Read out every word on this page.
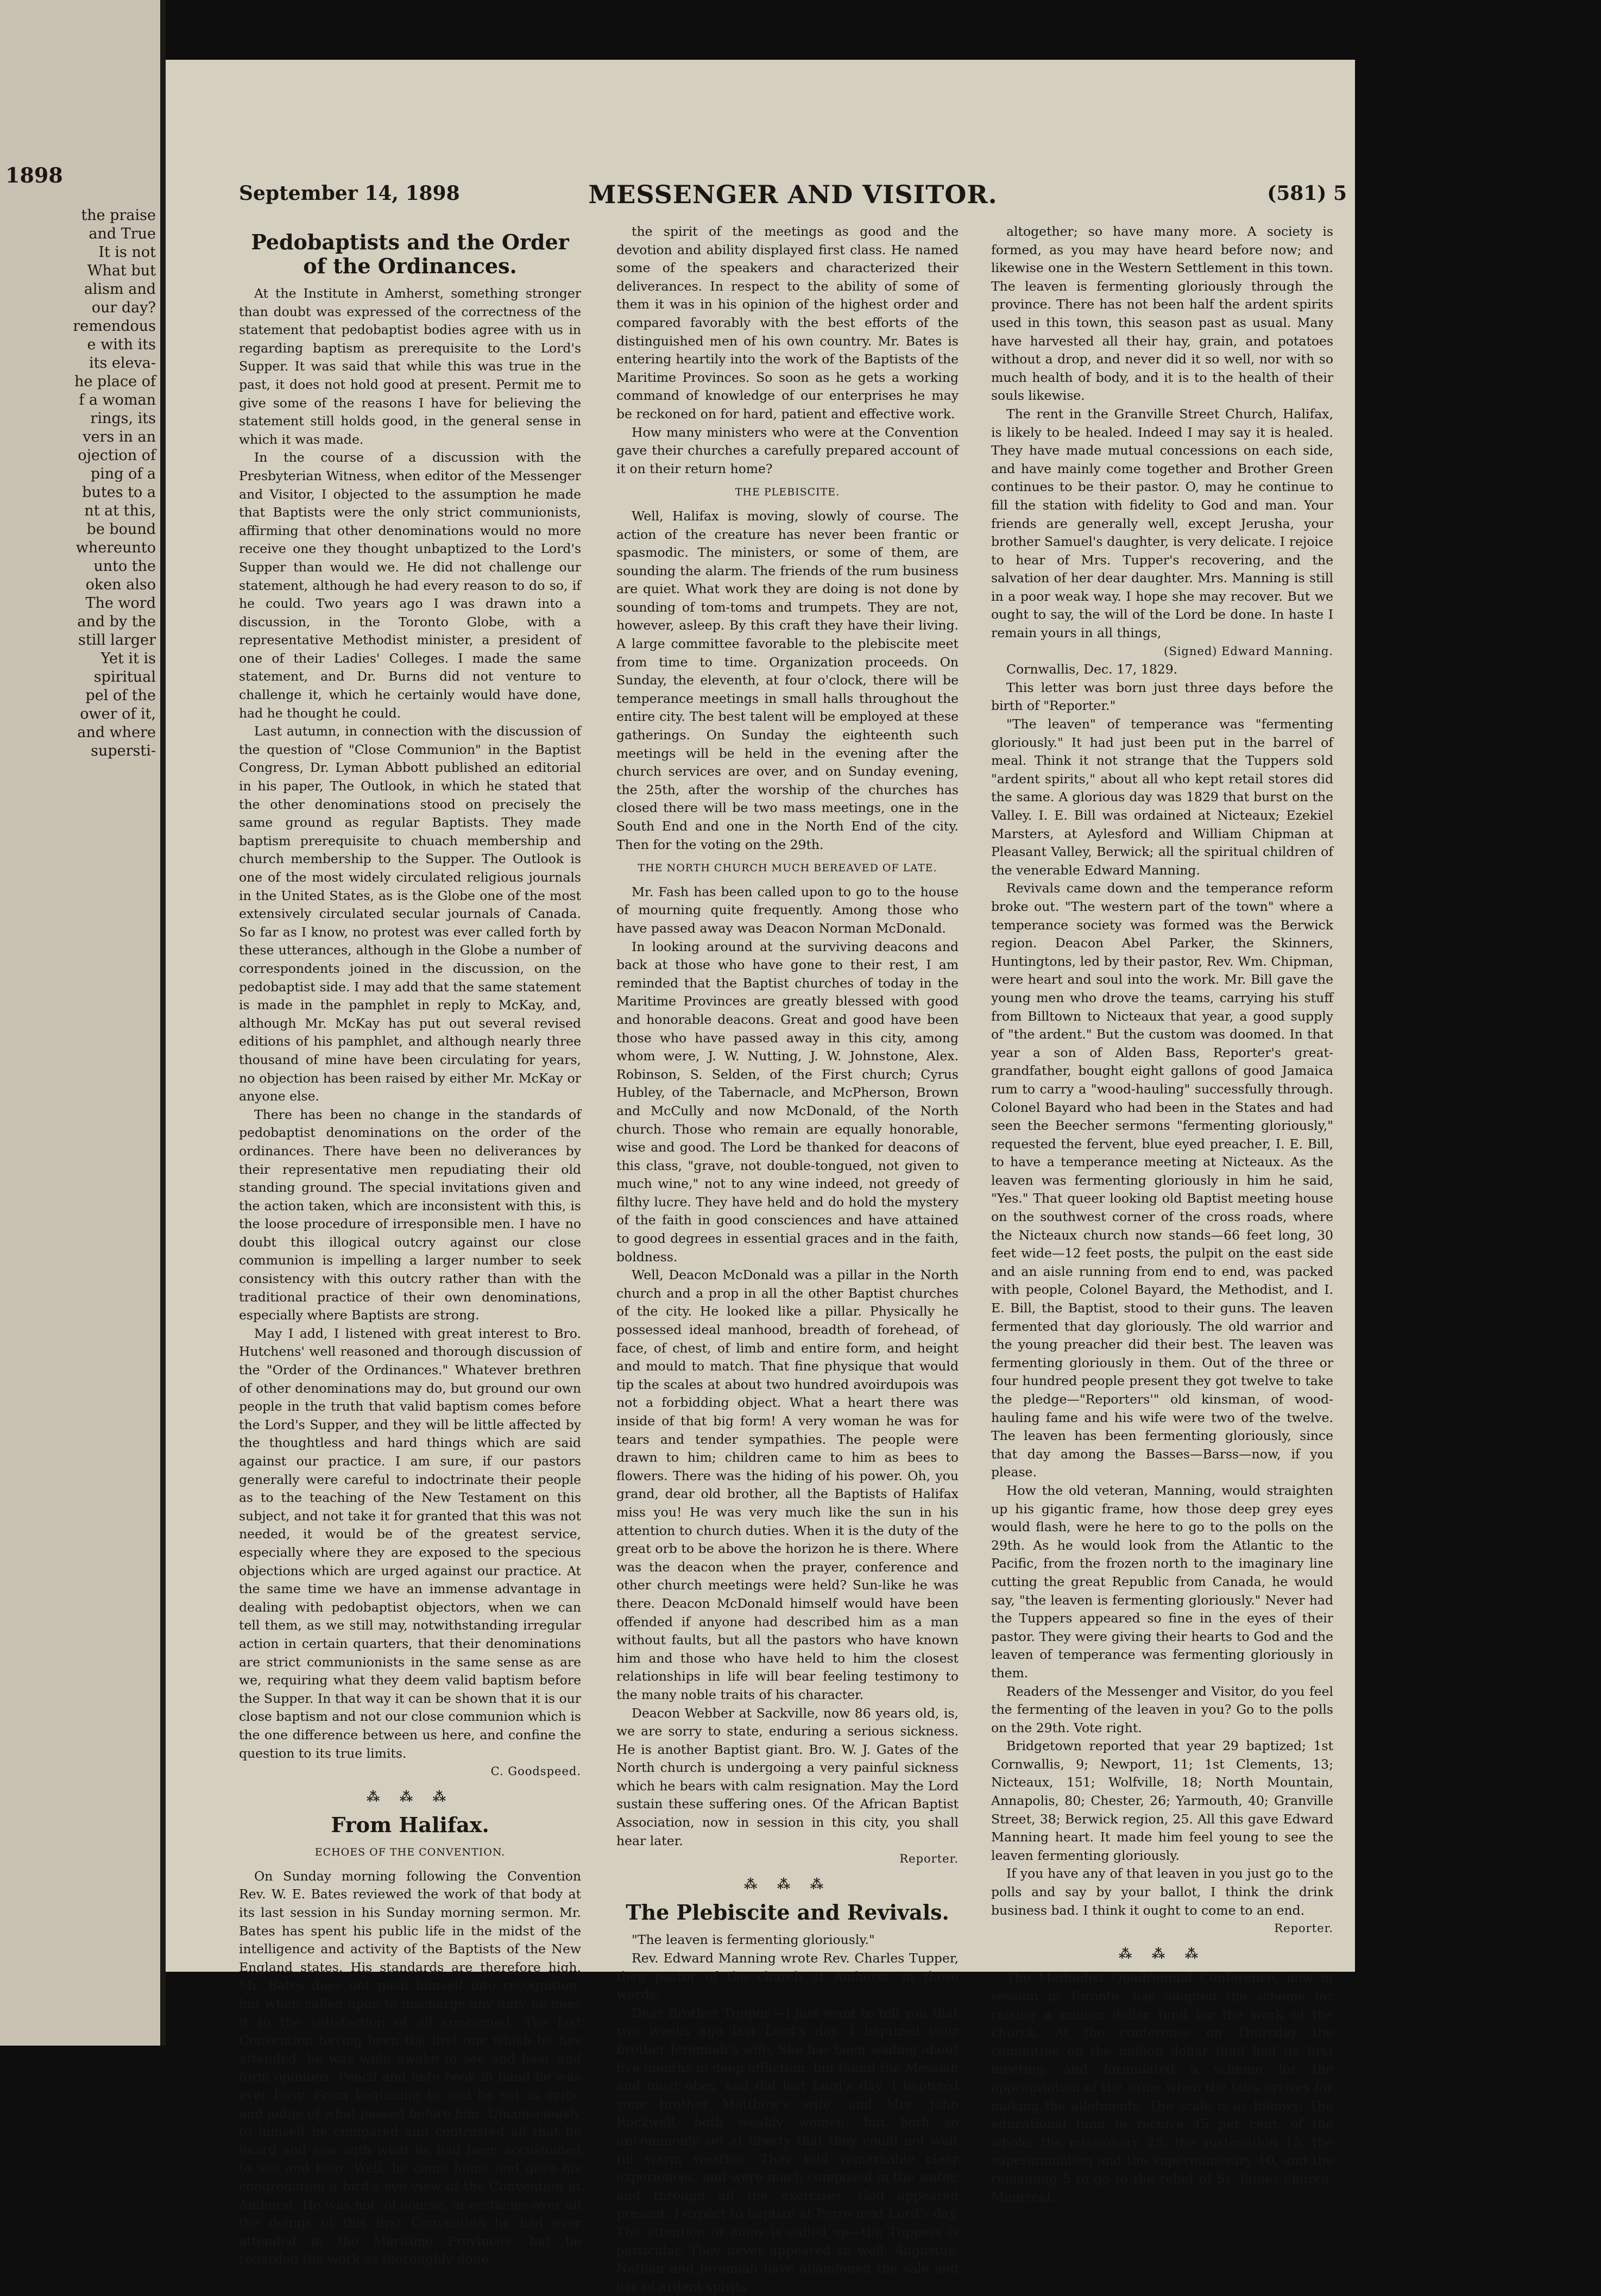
1898
the praise
and True
It is not
What but
alism and
our day?
remendous
e with its
its eleva-
he place of
f a woman
rings, its
vers in an
ojection of
ping of a
butes to a
nt at this,
be bound
whereunto
unto the
oken also
The word
and by the
still larger
Yet it is
spiritual
pel of the
ower of it,
and where
supersti-
September 14, 1898	MESSENGER AND VISITOR.	(581) 5
Pedobaptists and the Order of the Ordinances.

At the Institute in Amherst, something stronger than doubt was expressed of the correctness of the statement that pedobaptist bodies agree with us in regarding baptism as prerequisite to the Lord's Supper. It was said that while this was true in the past, it does not hold good at present. Permit me to give some of the reasons I have for believing the statement still holds good, in the general sense in which it was made.

In the course of a discussion with the Presbyterian Witness, when editor of the Messenger and Visitor, I objected to the assumption he made that Baptists were the only strict communionists, affirming that other denominations would no more receive one they thought unbaptized to the Lord's Supper than would we. He did not challenge our statement, although he had every reason to do so, if he could. Two years ago I was drawn into a discussion, in the Toronto Globe, with a representative Methodist minister, a president of one of their Ladies' Colleges. I made the same statement, and Dr. Burns did not venture to challenge it, which he certainly would have done, had he thought he could.

Last autumn, in connection with the discussion of the question of "Close Communion" in the Baptist Congress, Dr. Lyman Abbott published an editorial in his paper, The Outlook, in which he stated that the other denominations stood on precisely the same ground as regular Baptists. They made baptism prerequisite to chuach membership and church membership to the Supper. The Outlook is one of the most widely circulated religious journals in the United States, as is the Globe one of the most extensively circulated secular journals of Canada. So far as I know, no protest was ever called forth by these utterances, although in the Globe a number of correspondents joined in the discussion, on the pedobaptist side. I may add that the same statement is made in the pamphlet in reply to McKay, and, although Mr. McKay has put out several revised editions of his pamphlet, and although nearly three thousand of mine have been circulating for years, no objection has been raised by either Mr. McKay or anyone else.

There has been no change in the standards of pedobaptist denominations on the order of the ordinances. There have been no deliverances by their representative men repudiating their old standing ground. The special invitations given and the action taken, which are inconsistent with this, is the loose procedure of irresponsible men. I have no doubt this illogical outcry against our close communion is impelling a larger number to seek consistency with this outcry rather than with the traditional practice of their own denominations, especially where Baptists are strong.

May I add, I listened with great interest to Bro. Hutchens' well reasoned and thorough discussion of the "Order of the Ordinances." Whatever brethren of other denominations may do, but ground our own people in the truth that valid baptism comes before the Lord's Supper, and they will be little affected by the thoughtless and hard things which are said against our practice. I am sure, if our pastors generally were careful to indoctrinate their people as to the teaching of the New Testament on this subject, and not take it for granted that this was not needed, it would be of the greatest service, especially where they are exposed to the specious objections which are urged against our practice. At the same time we have an immense advantage in dealing with pedobaptist objectors, when we can tell them, as we still may, notwithstanding irregular action in certain quarters, that their denominations are strict communionists in the same sense as are we, requiring what they deem valid baptism before the Supper. In that way it can be shown that it is our close baptism and not our close communion which is the one difference between us here, and confine the question to its true limits.

C. Goodspeed.
⁂ ⁂ ⁂
From Halifax.
ECHOES OF THE CONVENTION.

On Sunday morning following the Convention Rev. W. E. Bates reviewed the work of that body at its last session in his Sunday morning sermon. Mr. Bates has spent his public life in the midst of the intelligence and activity of the Baptists of the New England states. His standards are therefore high. Mr. Bates does not push himself into recognition, but when called upon to discharge any duty he does it to the satisfaction of all concerned. The last Convention having been the first one which he has attended, he was wide awake to see and hear and form opinions. Pencil and note book in hand he was ever busy. From beginning to end he sat as critic and judge of what passed before him. Unconsciously to himself he compared and contrasted all that he heard and saw with what he had been accustomed to see and hear. Well, he came home and gave his congregation a bird's eye view of the Convention at Amherst. He was not, of course, in ecstacies over all the doings of this first Convention he had ever attended in the Maritime Provinces, but he regarded the work as thoroughly done,

the spirit of the meetings as good and the devotion and ability displayed first class. He named some of the speakers and characterized their deliverances. In respect to the ability of some of them it was in his opinion of the highest order and compared favorably with the best efforts of the distinguished men of his own country. Mr. Bates is entering heartily into the work of the Baptists of the Maritime Provinces. So soon as he gets a working command of knowledge of our enterprises he may be reckoned on for hard, patient and effective work.

How many ministers who were at the Convention gave their churches a carefully prepared account of it on their return home?

THE PLEBISCITE.

Well, Halifax is moving, slowly of course. The action of the creature has never been frantic or spasmodic. The ministers, or some of them, are sounding the alarm. The friends of the rum business are quiet. What work they are doing is not done by sounding of tom-toms and trumpets. They are not, however, asleep. By this craft they have their living. A large committee favorable to the plebiscite meet from time to time. Organization proceeds. On Sunday, the eleventh, at four o'clock, there will be temperance meetings in small halls throughout the entire city. The best talent will be employed at these gatherings. On Sunday the eighteenth such meetings will be held in the evening after the church services are over, and on Sunday evening, the 25th, after the worship of the churches has closed there will be two mass meetings, one in the South End and one in the North End of the city. Then for the voting on the 29th.

THE NORTH CHURCH MUCH BEREAVED OF LATE.

Mr. Fash has been called upon to go to the house of mourning quite frequently. Among those who have passed away was Deacon Norman McDonald.

In looking around at the surviving deacons and back at those who have gone to their rest, I am reminded that the Baptist churches of today in the Maritime Provinces are greatly blessed with good and honorable deacons. Great and good have been those who have passed away in this city, among whom were, J. W. Nutting, J. W. Johnstone, Alex. Robinson, S. Selden, of the First church; Cyrus Hubley, of the Tabernacle, and McPherson, Brown and McCully and now McDonald, of the North church. Those who remain are equally honorable, wise and good. The Lord be thanked for deacons of this class, "grave, not double-tongued, not given to much wine," not to any wine indeed, not greedy of filthy lucre. They have held and do hold the mystery of the faith in good consciences and have attained to good degrees in essential graces and in the faith, boldness.

Well, Deacon McDonald was a pillar in the North church and a prop in all the other Baptist churches of the city. He looked like a pillar. Physically he possessed ideal manhood, breadth of forehead, of face, of chest, of limb and entire form, and height and mould to match. That fine physique that would tip the scales at about two hundred avoirdupois was not a forbidding object. What a heart there was inside of that big form! A very woman he was for tears and tender sympathies. The people were drawn to him; children came to him as bees to flowers. There was the hiding of his power. Oh, you grand, dear old brother, all the Baptists of Halifax miss you! He was very much like the sun in his attention to church duties. When it is the duty of the great orb to be above the horizon he is there. Where was the deacon when the prayer, conference and other church meetings were held? Sun-like he was there. Deacon McDonald himself would have been offended if anyone had described him as a man without faults, but all the pastors who have known him and those who have held to him the closest relationships in life will bear feeling testimony to the many noble traits of his character.

Deacon Webber at Sackville, now 86 years old, is, we are sorry to state, enduring a serious sickness. He is another Baptist giant. Bro. W. J. Gates of the North church is undergoing a very painful sickness which he bears with calm resignation. May the Lord sustain these suffering ones. Of the African Baptist Association, now in session in this city, you shall hear later.

Reporter.
⁂ ⁂ ⁂
The Plebiscite and Revivals.

"The leaven is fermenting gloriously."

Rev. Edward Manning wrote Rev. Charles Tupper, then pastor of the church at Amherst, in these words:

Dear Brother Tupper.—I just want to tell you that two weeks ago last Lord's day, I baptized your brother Jeremiah's wife. She has been wading about five months in deep affliction, but found the Messiah and must obey, and did last Lord's day. I baptized your brother Matthew's wife, and Mrs. John Rockwell, both weakly women; but both so uncommonly set at liberty that they could not wait till warm weather. They told remarkable clear experiences, and were much composed in the water, and through all the exercises. God appeared present. I expect to baptize at Perro next Lord's day. The attention of many is called up—the Tuppers is particular. They never appeared so well. Augustus, Nathan and Jeremiah have abandoned the sale and use of ardent spirits

altogether; so have many more. A society is formed, as you may have heard before now; and likewise one in the Western Settlement in this town. The leaven is fermenting gloriously through the province. There has not been half the ardent spirits used in this town, this season past as usual. Many have harvested all their hay, grain, and potatoes without a drop, and never did it so well, nor with so much health of body, and it is to the health of their souls likewise.

The rent in the Granville Street Church, Halifax, is likely to be healed. Indeed I may say it is healed. They have made mutual concessions on each side, and have mainly come together and Brother Green continues to be their pastor. O, may he continue to fill the station with fidelity to God and man. Your friends are generally well, except Jerusha, your brother Samuel's daughter, is very delicate. I rejoice to hear of Mrs. Tupper's recovering, and the salvation of her dear daughter. Mrs. Manning is still in a poor weak way. I hope she may recover. But we ought to say, the will of the Lord be done. In haste I remain yours in all things,

(Signed) Edward Manning.

Cornwallis, Dec. 17, 1829.

This letter was born just three days before the birth of "Reporter."

"The leaven" of temperance was "fermenting gloriously." It had just been put in the barrel of meal. Think it not strange that the Tuppers sold "ardent spirits," about all who kept retail stores did the same. A glorious day was 1829 that burst on the Valley. I. E. Bill was ordained at Nicteaux; Ezekiel Marsters, at Aylesford and William Chipman at Pleasant Valley, Berwick; all the spiritual children of the venerable Edward Manning.

Revivals came down and the temperance reform broke out. "The western part of the town" where a temperance society was formed was the Berwick region. Deacon Abel Parker, the Skinners, Huntingtons, led by their pastor, Rev. Wm. Chipman, were heart and soul into the work. Mr. Bill gave the young men who drove the teams, carrying his stuff from Billtown to Nicteaux that year, a good supply of "the ardent." But the custom was doomed. In that year a son of Alden Bass, Reporter's great-grandfather, bought eight gallons of good Jamaica rum to carry a "wood-hauling" successfully through. Colonel Bayard who had been in the States and had seen the Beecher sermons "fermenting gloriously," requested the fervent, blue eyed preacher, I. E. Bill, to have a temperance meeting at Nicteaux. As the leaven was fermenting gloriously in him he said, "Yes." That queer looking old Baptist meeting house on the southwest corner of the cross roads, where the Nicteaux church now stands—66 feet long, 30 feet wide—12 feet posts, the pulpit on the east side and an aisle running from end to end, was packed with people, Colonel Bayard, the Methodist, and I. E. Bill, the Baptist, stood to their guns. The leaven fermented that day gloriously. The old warrior and the young preacher did their best. The leaven was fermenting gloriously in them. Out of the three or four hundred people present they got twelve to take the pledge—"Reporters'" old kinsman, of wood-hauling fame and his wife were two of the twelve. The leaven has been fermenting gloriously, since that day among the Basses—Barss—now, if you please.

How the old veteran, Manning, would straighten up his gigantic frame, how those deep grey eyes would flash, were he here to go to the polls on the 29th. As he would look from the Atlantic to the Pacific, from the frozen north to the imaginary line cutting the great Republic from Canada, he would say, "the leaven is fermenting gloriously." Never had the Tuppers appeared so fine in the eyes of their pastor. They were giving their hearts to God and the leaven of temperance was fermenting gloriously in them.

Readers of the Messenger and Visitor, do you feel the fermenting of the leaven in you? Go to the polls on the 29th. Vote right.

Bridgetown reported that year 29 baptized; 1st Cornwallis, 9; Newport, 11; 1st Clements, 13; Nicteaux, 151; Wolfville, 18; North Mountain, Annapolis, 80; Chester, 26; Yarmouth, 40; Granville Street, 38; Berwick region, 25. All this gave Edward Manning heart. It made him feel young to see the leaven fermenting gloriously.

If you have any of that leaven in you just go to the polls and say by your ballot, I think the drink business bad. I think it ought to come to an end.

Reporter.
⁂ ⁂ ⁂

The Methodist Quadrennial Conference, now in session in Toronto, has adopted the scheme for raising a million dollar fund for the work of the church. At the conference on Thursday the committee on the million dollar fund had its first meeting, and formulated a scheme for the appropriation of the same when the fairs arrives for making the allotments. The scale is as follows: The educational fund to receive 45 per cent. of the whole; the missionary 25, the sustenation 15, the superannuation and the supernumerary 10, and the remaining 5 to go to the relief of St. James church, Montreal.
